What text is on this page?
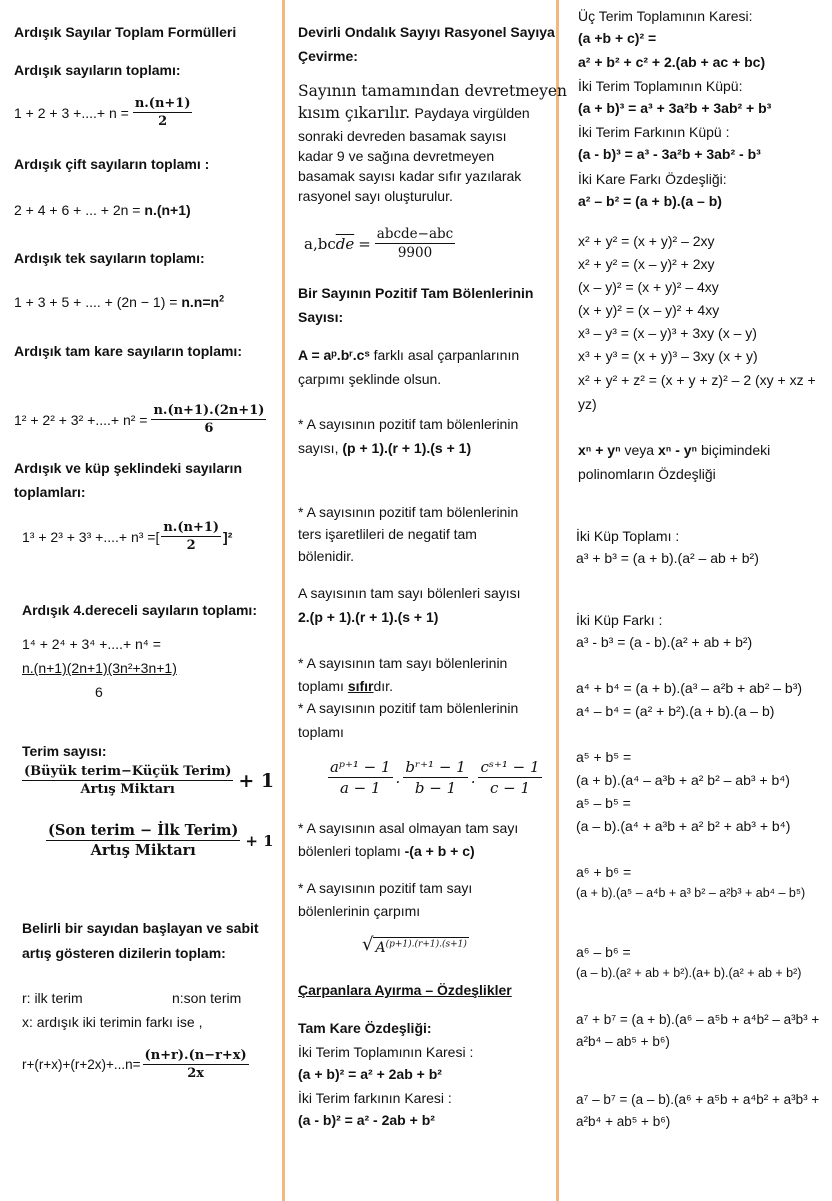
Ardışık Sayılar Toplam Formülleri
Ardışık sayıların toplamı:
1 + 2 + 3 +....+ $n = \frac{n.(n+1)}{2}$
Ardışık çift sayıların toplamı :
2 + 4 + 6 + ... + 2n = n.(n+1)
Ardışık tek sayıların toplamı:
1 + 3 + 5 + .... + $(2n - 1) = n.n=n^2$
Ardışık tam kare sayıların toplamı:
1² + 2² + 3² +....+ $n^2 = \frac{n.(n+1).(2n+1)}{6}$
Ardışık ve küp şeklindeki sayıların
toplamları:
1³ + 2³ + 3³ +....+ n³ =[ $\frac{n.(n+1)}{2} ]^2$
Ardışık 4.dereceli sayıların toplamı:
1⁴ + 2⁴ + 3⁴ +....+ n⁴ =
n.(n+1)(2n+1)(3n²+3n+1)
6
Terim sayısı:
$\frac{\text{(Büyük terim−Küçük Terim)}}{\text{Artış Miktarı}} + 1$
$\frac{\text{(Son terim − İlk Terim)}}{\text{Artış Miktarı}} + 1$
Belirli bir sayıdan başlayan ve sabit
artış gösteren dizilerin toplam:
r: ilk terim	n:son terim
x: ardışık iki terimin farkı ise ,
$r+(r+x)+(r+2x)+...n= \frac{(n+r).(n-r+x)}{2x}$
Devirli Ondalık Sayıyı Rasyonel Sayıya
Çevirme:
Sayının tamamından devretmeyen
kısım çıkarılır. Paydaya virgülden
sonraki devreden basamak sayısı
kadar 9 ve sağına devretmeyen
basamak sayısı kadar sıfır yazılarak
rasyonel sayı oluşturulur.
$a,bc\overline{de} = \frac{\text{abcde−abc}}{9900}$
Bir Sayının Pozitif Tam Bölenlerinin
Sayısı:
A = aᵖ.bʳ.cˢ farklı asal çarpanlarının
çarpımı şeklinde olsun.
* A sayısının pozitif tam bölenlerinin
sayısı, (p + 1).(r + 1).(s + 1)
* A sayısının pozitif tam bölenlerinin
ters işaretlileri de negatif tam
bölenidir.
A sayısının tam sayı bölenleri sayısı
2.(p + 1).(r + 1).(s + 1)
* A sayısının tam sayı bölenlerinin
toplamı sıfırdır.
* A sayısının pozitif tam bölenlerinin
toplamı
$\frac{\text{aᵖ⁺¹ − 1}}{a - 1}$ . $\frac{\text{bʳ⁺¹ − 1}}{b - 1}$ . $\frac{\text{cˢ⁺¹ − 1}}{c - 1}$
* A sayısının asal olmayan tam sayı
bölenleri toplamı -(a + b + c)
* A sayısının pozitif tam sayı
bölenlerinin çarpımı
√ $A^{(p+1).(r+1).(s+1)}$
Çarpanlara Ayırma – Özdeşlikler
Tam Kare Özdeşliği:
İki Terim Toplamının Karesi :
(a + b)² = a² + 2ab + b²
İki Terim farkının Karesi :
(a - b)² = a² - 2ab + b²
Üç Terim Toplamının Karesi:
(a +b + c)² =
a² + b² + c² + 2.(ab + ac + bc)
İki Terim Toplamının Küpü:
(a + b)³ = a³ + 3a²b + 3ab² + b³
İki Terim Farkının Küpü :
(a - b)³ = a³ - 3a²b + 3ab² - b³
İki Kare Farkı Özdeşliği:
a² – b² = (a + b).(a – b)
x² + y² = (x + y)² – 2xy
x² + y² = (x – y)² + 2xy
(x – y)² = (x + y)² – 4xy
(x + y)² = (x – y)² + 4xy
x³ – y³ = (x – y)³ + 3xy (x – y)
x³ + y³ = (x + y)³ – 3xy (x + y)
x² + y² + z² = (x + y + z)² – 2 (xy + xz +
yz)
xⁿ + yⁿ veya xⁿ - yⁿ biçimindeki
polinomların Özdeşliği
İki Küp Toplamı :
a³ + b³ = (a + b).(a² – ab + b²)
İki Küp Farkı :
a³ - b³ = (a - b).(a² + ab + b²)
a⁴ + b⁴ = (a + b).(a³ – a²b + ab² – b³)
a⁴ – b⁴ = (a² + b²).(a + b).(a – b)
a⁵ + b⁵ =
(a + b).(a⁴ – a³b + a² b² – ab³ + b⁴)
a⁵ – b⁵ =
(a – b).(a⁴ + a³b + a² b² + ab³ + b⁴)
a⁶ + b⁶ =
(a + b).(a⁵ – a⁴b + a³ b² – a²b³ + ab⁴ – b⁵)
a⁶ – b⁶ =
(a – b).(a² + ab + b²).(a+ b).(a² + ab + b²)
a⁷ + b⁷ = (a + b).(a⁶ – a⁵b + a⁴b² – a³b³ +
a²b⁴ – ab⁵ + b⁶)
a⁷ – b⁷ = (a – b).(a⁶ + a⁵b + a⁴b² + a³b³ +
a²b⁴ + ab⁵ + b⁶)
